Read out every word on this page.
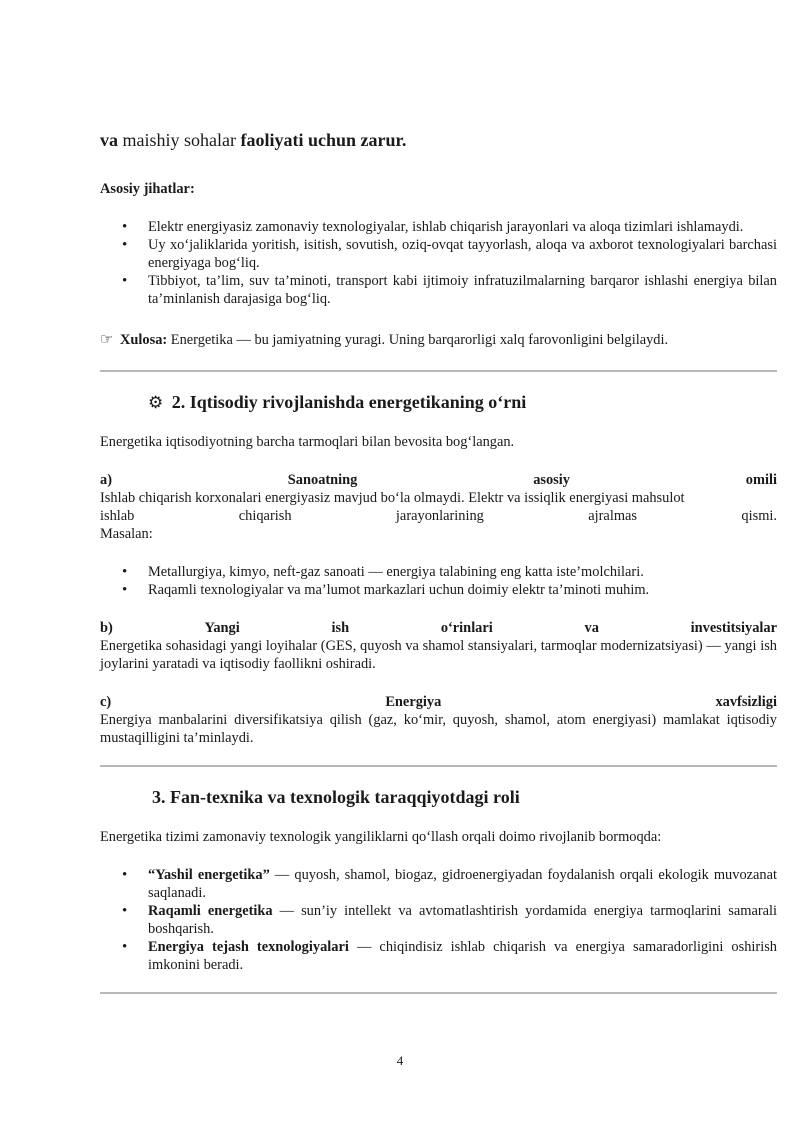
va maishiy sohalar faoliyati uchun zarur.

Asosiy jihatlar:

• Elektr energiyasiz zamonaviy texnologiyalar, ishlab chiqarish jarayonlari va aloqa tizimlari ishlamaydi.
• Uy xo‘jaliklarida yoritish, isitish, sovutish, oziq-ovqat tayyorlash, aloqa va axborot texnologiyalari barchasi energiyaga bog‘liq.
• Tibbiyot, ta’lim, suv ta’minoti, transport kabi ijtimoiy infratuzilmalarning barqaror ishlashi energiya bilan ta’minlanish darajasiga bog‘liq.

☞ Xulosa: Energetika — bu jamiyatning yuragi. Uning barqarorligi xalq farovonligini belgilaydi.

⚙ 2. Iqtisodiy rivojlanishda energetikaning o‘rni

Energetika iqtisodiyotning barcha tarmoqlari bilan bevosita bog‘langan.

a)	Sanoatning	asosiy	omili

Ishlab chiqarish korxonalari energiyasiz mavjud bo‘la olmaydi. Elektr va issiqlik energiyasi mahsulot

ishlab chiqarish jarayonlarining ajralmas qismi.

Masalan:

• Metallurgiya, kimyo, neft-gaz sanoati — energiya talabining eng katta iste’molchilari.
• Raqamli texnologiyalar va ma’lumot markazlari uchun doimiy elektr ta’minoti muhim.
b)	Yangi	ish	o‘rinlari	va	investitsiyalar

Energetika sohasidagi yangi loyihalar (GES, quyosh va shamol stansiyalari, tarmoqlar modernizatsiyasi) — yangi ish joylarini yaratadi va iqtisodiy faollikni oshiradi.

c)	Energiya	xavfsizligi

Energiya manbalarini diversifikatsiya qilish (gaz, ko‘mir, quyosh, shamol, atom energiyasi) mamlakat iqtisodiy mustaqilligini ta’minlaydi.

3. Fan-texnika va texnologik taraqqiyotdagi roli

Energetika tizimi zamonaviy texnologik yangiliklarni qo‘llash orqali doimo rivojlanib bormoqda:

• “Yashil energetika” — quyosh, shamol, biogaz, gidroenergiyadan foydalanish orqali ekologik muvozanat saqlanadi.
• Raqamli energetika — sun’iy intellekt va avtomatlashtirish yordamida energiya tarmoqlarini samarali boshqarish.
• Energiya tejash texnologiyalari — chiqindisiz ishlab chiqarish va energiya samaradorligini oshirish imkonini beradi.
4
